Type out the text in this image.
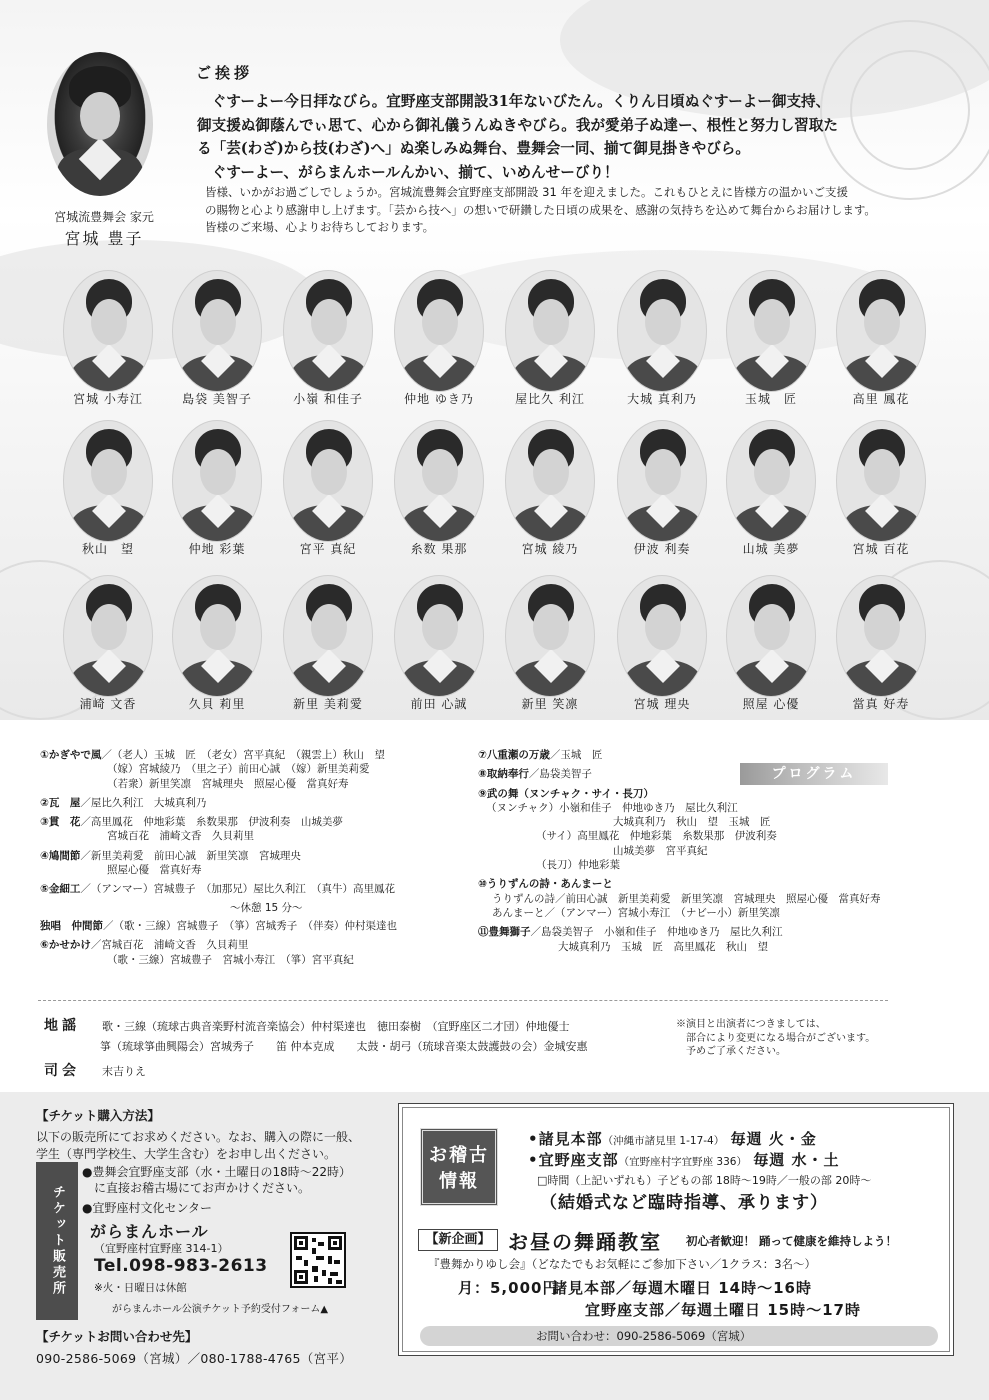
宮城流豊舞会 家元
宮城 豊子
ご挨拶

　ぐすーよー今日拝なびら。宜野座支部開設31年ないびたん。くりん日頃ぬぐすーよー御支持、

御支援ぬ御蔭んでぃ思て、心から御礼儀うんぬきやびら。我が愛弟子ぬ達ー、根性と努力し習取た

る「芸(わざ)から技(わざ)へ」ぬ楽しみぬ舞台、豊舞会一同、揃て御見掛きやびら。

　ぐすーよー、がらまんホールんかい、揃て、いめんせーびり！

皆様、いかがお過ごしでしょうか。宮城流豊舞会宜野座支部開設 31 年を迎えました。これもひとえに皆様方の温かいご支援

の賜物と心より感謝申し上げます。「芸から技へ」の想いで研鑽した日頃の成果を、感謝の気持ちを込めて舞台からお届けします。

皆様のご来場、心よりお待ちしております。

宮城 小寿江	島袋 美智子	小嶺 和佳子	仲地 ゆき乃	屋比久 利江	大城 真利乃	玉城　匠	高里 鳳花
秋山　望	仲地 彩葉	宮平 真紀	糸数 果那	宮城 綾乃	伊波 利奏	山城 美夢	宮城 百花
浦崎 文香	久貝 莉里	新里 美莉愛	前田 心誠	新里 笑凛	宮城 理央	照屋 心優	當真 好寿
プログラム
①かぎやで風／（老人）玉城　匠　（老女）宮平真紀　（親雲上）秋山　望
（嫁）宮城綾乃　（里之子）前田心誠　（嫁）新里美莉愛
（若衆）新里笑凛　宮城理央　照屋心優　當真好寿
②瓦　屋／屋比久利江　大城真利乃
③貫　花／高里鳳花　仲地彩葉　糸数果那　伊波利奏　山城美夢
宮城百花　浦崎文香　久貝莉里
④鳩間節／新里美莉愛　前田心誠　新里笑凛　宮城理央
照屋心優　當真好寿
⑤金細工／（アンマー）宮城豊子　（加那兄）屋比久利江　（真牛）高里鳳花
〜休憩 15 分〜
独唱　仲間節／（歌・三線）宮城豊子　（箏）宮城秀子　（伴奏）仲村渠達也
⑥かせかけ／宮城百花　浦崎文香　久貝莉里
（歌・三線）宮城豊子　宮城小寿江　（箏）宮平真紀
⑦八重瀬の万歳／玉城　匠
⑧取納奉行／島袋美智子
⑨武の舞（ヌンチャク・サイ・長刀）
（ヌンチャク）小嶺和佳子　仲地ゆき乃　屋比久利江
大城真利乃　秋山　望　玉城　匠
（サイ）高里鳳花　仲地彩葉　糸数果那　伊波利奏
山城美夢　宮平真紀
（長刀）仲地彩葉
⑩うりずんの詩・あんまーと
うりずんの詩／前田心誠　新里美莉愛　新里笑凛　宮城理央　照屋心優　當真好寿
あんまーと／（アンマー）宮城小寿江　（ナビー小）新里笑凛
⑪豊舞獅子／島袋美智子　小嶺和佳子　仲地ゆき乃　屋比久利江
大城真利乃　玉城　匠　高里鳳花　秋山　望
地謡　　 歌・三線（琉球古典音楽野村流音楽協会）仲村渠達也　徳田泰樹　（宜野座区二才団）仲地優士
箏（琉球箏曲興陽会）宮城秀子　　笛 仲本克成　　太鼓・胡弓（琉球音楽太鼓護鼓の会）金城安惠
司会　　 末吉りえ
※演目と出演者につきましては、
　部合により変更になる場合がございます。
　予めご了承ください。
【チケット購入方法】
以下の販売所にてお求めください。なお、購入の際に一般、
学生（専門学校生、大学生含む）をお申し出ください。
チケット販売所
●豊舞会宜野座支部（水・土曜日の18時〜22時）
に直接お稽古場にてお声かけください。
●宜野座村文化センター
がらまんホール
（宜野座村宜野座 314-1）
Tel.098-983-2613
※火・日曜日は休館
がらまんホール公演チケット予約受付フォーム▲
【チケットお問い合わせ先】
090-2586-5069（宮城）／080-1788-4765（宮平）
お稽古
情報
•諸見本部（沖縄市諸見里 1-17-4） 毎週 火・金
•宜野座支部（宜野座村字宜野座 336） 毎週 水・土
□時間（上記いずれも）子どもの部 18時〜19時／一般の部 20時〜
（結婚式など臨時指導、承ります）
【新企画】 お昼の舞踊教室 初心者歓迎！ 踊って健康を維持しよう！
『豊舞かりゆし会』（どなたでもお気軽にご参加下さい／1クラス：3名〜）
月：5,000円
諸見本部／毎週木曜日 14時〜16時
宜野座支部／毎週土曜日 15時〜17時
お問い合わせ：090-2586-5069（宮城）
